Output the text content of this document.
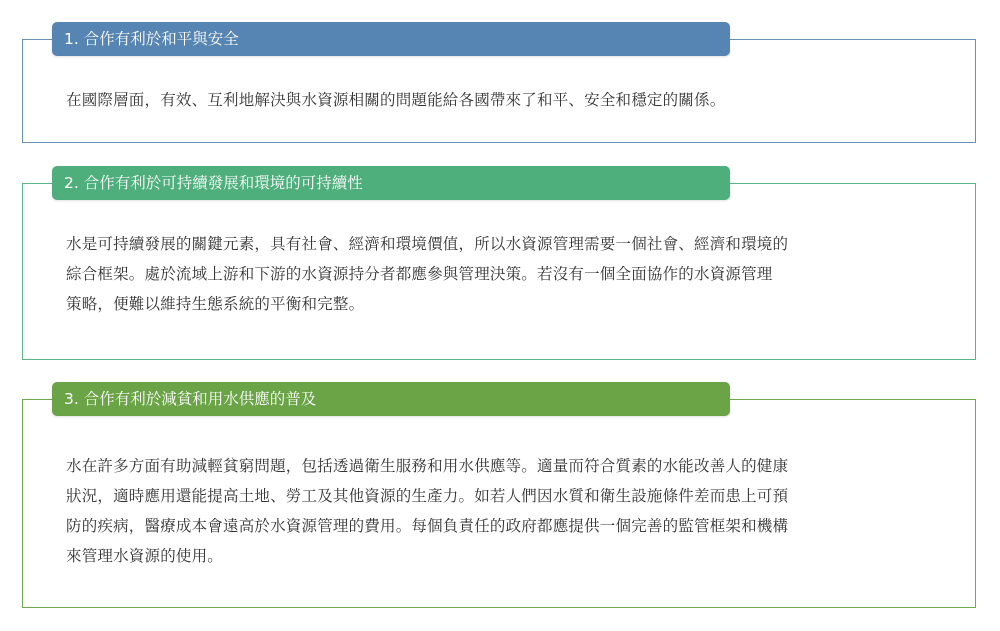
1. 合作有利於和平與安全

在國際層面，有效、互利地解決與水資源相關的問題能給各國帶來了和平、安全和穩定的關係。

2. 合作有利於可持續發展和環境的可持續性

水是可持續發展的關鍵元素，具有社會、經濟和環境價值，所以水資源管理需要一個社會、經濟和環境的

綜合框架。處於流域上游和下游的水資源持分者都應參與管理決策。若沒有一個全面協作的水資源管理

策略，便難以維持生態系統的平衡和完整。

3. 合作有利於減貧和用水供應的普及

水在許多方面有助減輕貧窮問題，包括透過衛生服務和用水供應等。適量而符合質素的水能改善人的健康

狀況，適時應用還能提高土地、勞工及其他資源的生產力。如若人們因水質和衛生設施條件差而患上可預

防的疾病，醫療成本會遠高於水資源管理的費用。每個負責任的政府都應提供一個完善的監管框架和機構

來管理水資源的使用。
